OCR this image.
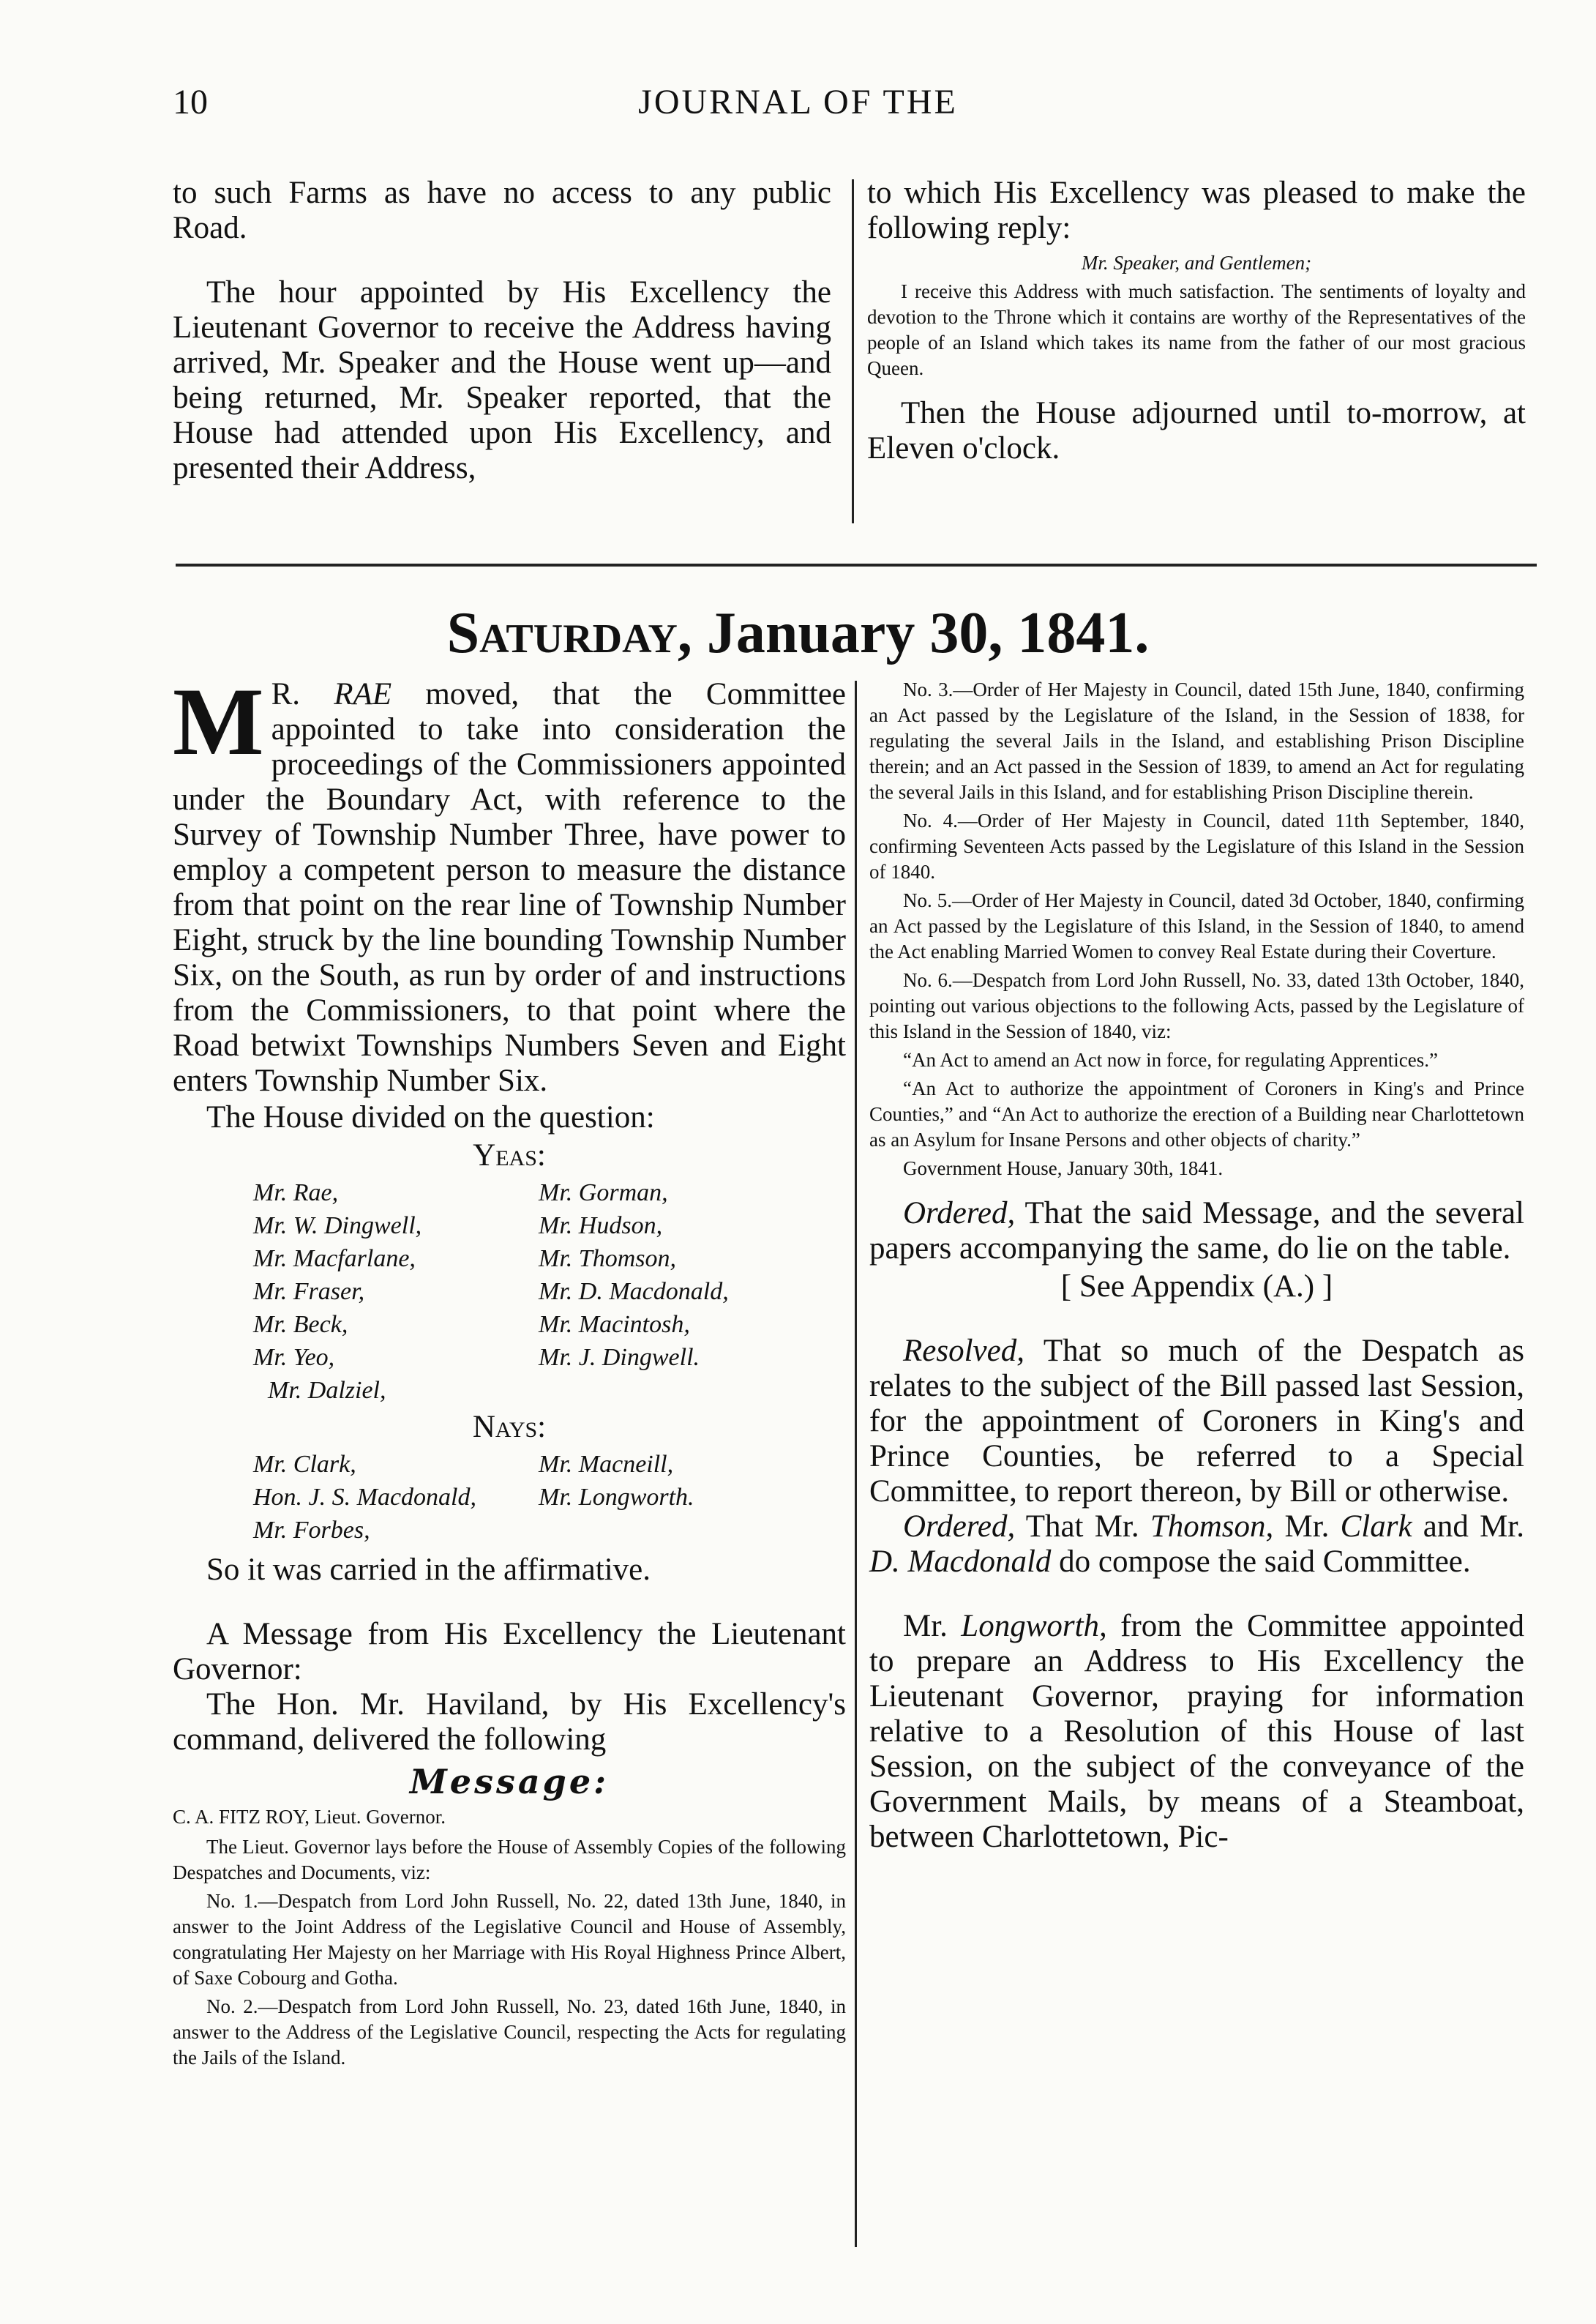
10	JOURNAL OF THE

to such Farms as have no access to any public Road.

The hour appointed by His Excellency the Lieutenant Governor to receive the Address having arrived, Mr. Speaker and the House went up—and being returned, Mr. Speaker reported, that the House had attended upon His Excellency, and presented their Address,

to which His Excellency was pleased to make the following reply:

Mr. Speaker, and Gentlemen;

I receive this Address with much satisfaction. The sentiments of loyalty and devotion to the Throne which it contains are worthy of the Representatives of the people of an Island which takes its name from the father of our most gracious Queen.

Then the House adjourned until to-morrow, at Eleven o'clock.

Saturday, January 30, 1841.

M R. RAE moved, that the Committee appointed to take into consideration the proceedings of the Commissioners appointed under the Boundary Act, with reference to the Survey of Township Number Three, have power to employ a competent person to measure the distance from that point on the rear line of Township Number Eight, struck by the line bounding Township Number Six, on the South, as run by order of and instructions from the Commissioners, to that point where the Road betwixt Townships Numbers Seven and Eight enters Township Number Six.

The House divided on the question:

Yeas:

Mr. Rae,	Mr. Gorman,
Mr. W. Dingwell,	Mr. Hudson,
Mr. Macfarlane,	Mr. Thomson,
Mr. Fraser,	Mr. D. Macdonald,
Mr. Beck,	Mr. Macintosh,
Mr. Yeo,	Mr. J. Dingwell.
Mr. Dalziel,

Nays:

Mr. Clark,	Mr. Macneill,
Hon. J. S. Macdonald,	Mr. Longworth.
Mr. Forbes,

So it was carried in the affirmative.

A Message from His Excellency the Lieutenant Governor:

The Hon. Mr. Haviland, by His Excellency's command, delivered the following

Message:

C. A. FITZ ROY, Lieut. Governor.

The Lieut. Governor lays before the House of Assembly Copies of the following Despatches and Documents, viz:

No. 1.—Despatch from Lord John Russell, No. 22, dated 13th June, 1840, in answer to the Joint Address of the Legislative Council and House of Assembly, congratulating Her Majesty on her Marriage with His Royal Highness Prince Albert, of Saxe Cobourg and Gotha.

No. 2.—Despatch from Lord John Russell, No. 23, dated 16th June, 1840, in answer to the Address of the Legislative Council, respecting the Acts for regulating the Jails of the Island.

No. 3.—Order of Her Majesty in Council, dated 15th June, 1840, confirming an Act passed by the Legislature of the Island, in the Session of 1838, for regulating the several Jails in the Island, and establishing Prison Discipline therein; and an Act passed in the Session of 1839, to amend an Act for regulating the several Jails in this Island, and for establishing Prison Discipline therein.

No. 4.—Order of Her Majesty in Council, dated 11th September, 1840, confirming Seventeen Acts passed by the Legislature of this Island in the Session of 1840.

No. 5.—Order of Her Majesty in Council, dated 3d October, 1840, confirming an Act passed by the Legislature of this Island, in the Session of 1840, to amend the Act enabling Married Women to convey Real Estate during their Coverture.

No. 6.—Despatch from Lord John Russell, No. 33, dated 13th October, 1840, pointing out various objections to the following Acts, passed by the Legislature of this Island in the Session of 1840, viz:

“An Act to amend an Act now in force, for regulating Apprentices.”

“An Act to authorize the appointment of Coroners in King's and Prince Counties,” and “An Act to authorize the erection of a Building near Charlottetown as an Asylum for Insane Persons and other objects of charity.”

Government House, January 30th, 1841.

Ordered, That the said Message, and the several papers accompanying the same, do lie on the table.

[ See Appendix (A.) ]

Resolved, That so much of the Despatch as relates to the subject of the Bill passed last Session, for the appointment of Coroners in King's and Prince Counties, be referred to a Special Committee, to report thereon, by Bill or otherwise.

Ordered, That Mr. Thomson, Mr. Clark and Mr. D. Macdonald do compose the said Committee.

Mr. Longworth, from the Committee appointed to prepare an Address to His Excellency the Lieutenant Governor, praying for information relative to a Resolution of this House of last Session, on the subject of the conveyance of the Government Mails, by means of a Steamboat, between Charlottetown, Pic-
